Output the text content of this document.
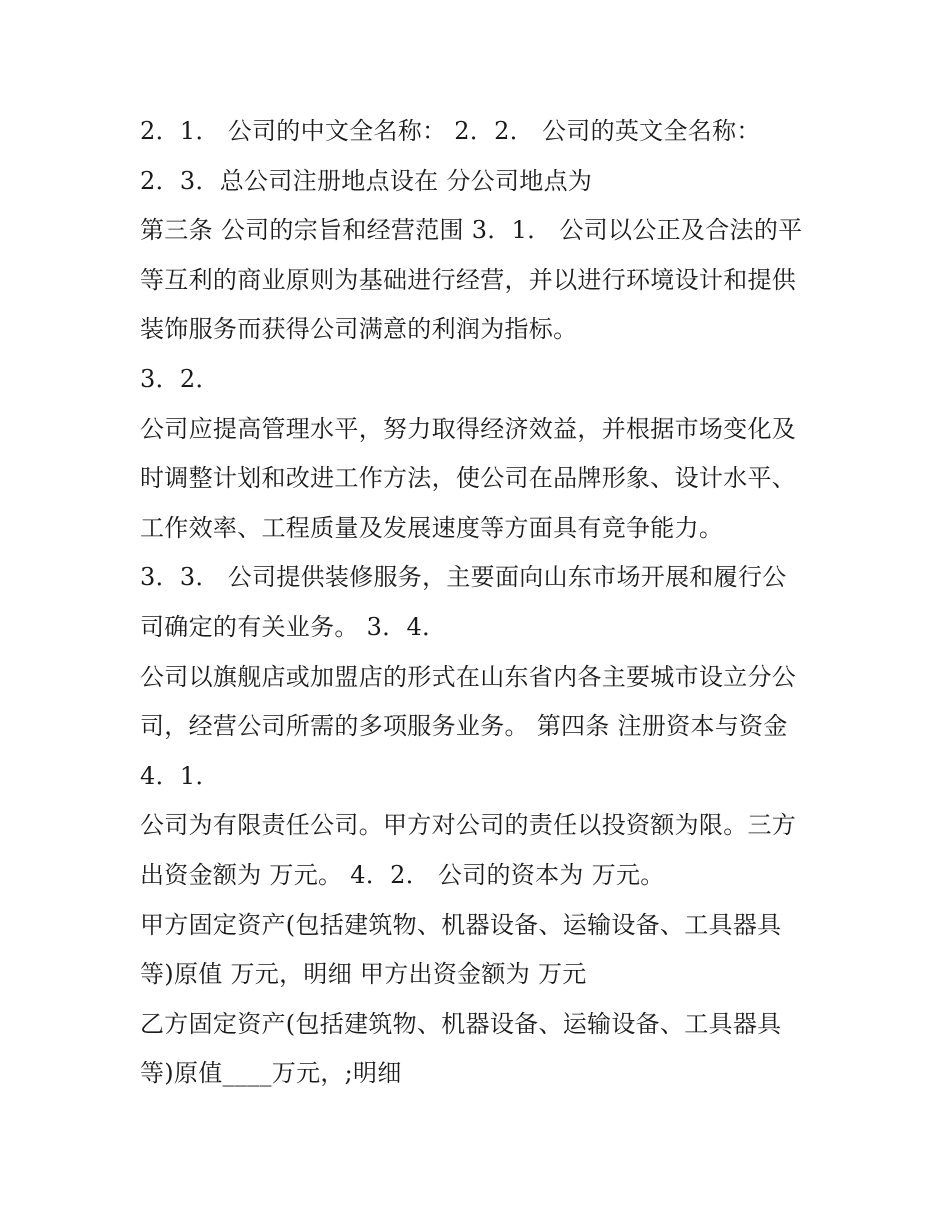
2．1． 公司的中文全名称： 2．2． 公司的英文全名称：
2．3．总公司注册地点设在 分公司地点为
第三条 公司的宗旨和经营范围 3．1． 公司以公正及合法的平
等互利的商业原则为基础进行经营，并以进行环境设计和提供
装饰服务而获得公司满意的利润为指标。
3．2．
公司应提高管理水平，努力取得经济效益，并根据市场变化及
时调整计划和改进工作方法，使公司在品牌形象、设计水平、
工作效率、工程质量及发展速度等方面具有竞争能力。
3．3． 公司提供装修服务，主要面向山东市场开展和履行公
司确定的有关业务。 3．4．
公司以旗舰店或加盟店的形式在山东省内各主要城市设立分公
司，经营公司所需的多项服务业务。 第四条 注册资本与资金
4．1．
公司为有限责任公司。甲方对公司的责任以投资额为限。三方
出资金额为 万元。 4．2． 公司的资本为 万元。
甲方固定资产(包括建筑物、机器设备、运输设备、工具器具
等)原值 万元，明细 甲方出资金额为 万元
乙方固定资产(包括建筑物、机器设备、运输设备、工具器具
等)原值____万元，;明细
